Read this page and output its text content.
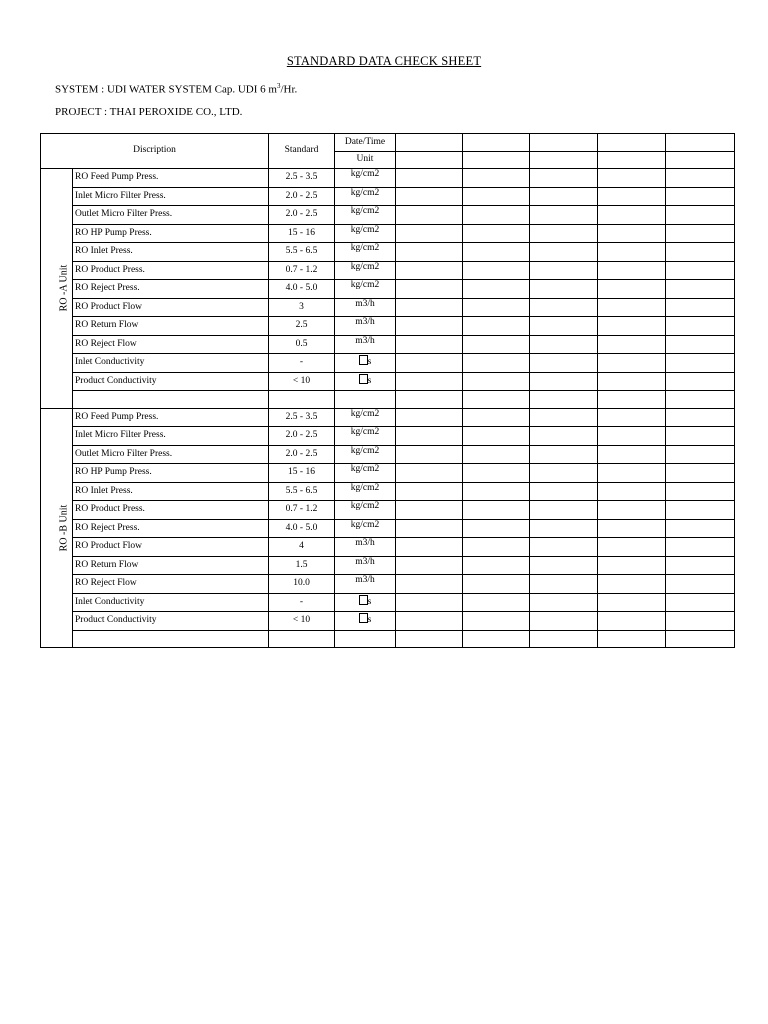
STANDARD DATA CHECK SHEET
SYSTEM : UDI WATER SYSTEM Cap. UDI 6 $m^3/Hr$.
PROJECT : THAI PEROXIDE CO., LTD.
Discription		Standard	Date/Time					
			Unit					
RO -A Unit	RO Feed Pump Press.	2.5 - 3.5	kg/cm2					
	Inlet Micro Filter Press.	2.0 - 2.5	kg/cm2					
	Outlet Micro Filter Press.	2.0 - 2.5	kg/cm2					
	RO HP Pump Press.	15 - 16	kg/cm2					
	RO Inlet Press.	5.5 - 6.5	kg/cm2					
	RO Product Press.	0.7 - 1.2	kg/cm2					
	RO Reject Press.	4.0 - 5.0	kg/cm2					
	RO Product Flow	3	m3/h					
	RO Return Flow	2.5	m3/h					
	RO Reject Flow	0.5	m3/h					
	Inlet Conductivity	-	s					
	Product Conductivity	< 10	s					

RO -B Unit	RO Feed Pump Press.	2.5 - 3.5	kg/cm2					
	Inlet Micro Filter Press.	2.0 - 2.5	kg/cm2					
	Outlet Micro Filter Press.	2.0 - 2.5	kg/cm2					
	RO HP Pump Press.	15 - 16	kg/cm2					
	RO Inlet Press.	5.5 - 6.5	kg/cm2					
	RO Product Press.	0.7 - 1.2	kg/cm2					
	RO Reject Press.	4.0 - 5.0	kg/cm2					
	RO Product Flow	4	m3/h					
	RO Return Flow	1.5	m3/h					
	RO Reject Flow	10.0	m3/h					
	Inlet Conductivity	-	s					
	Product Conductivity	< 10	s					
